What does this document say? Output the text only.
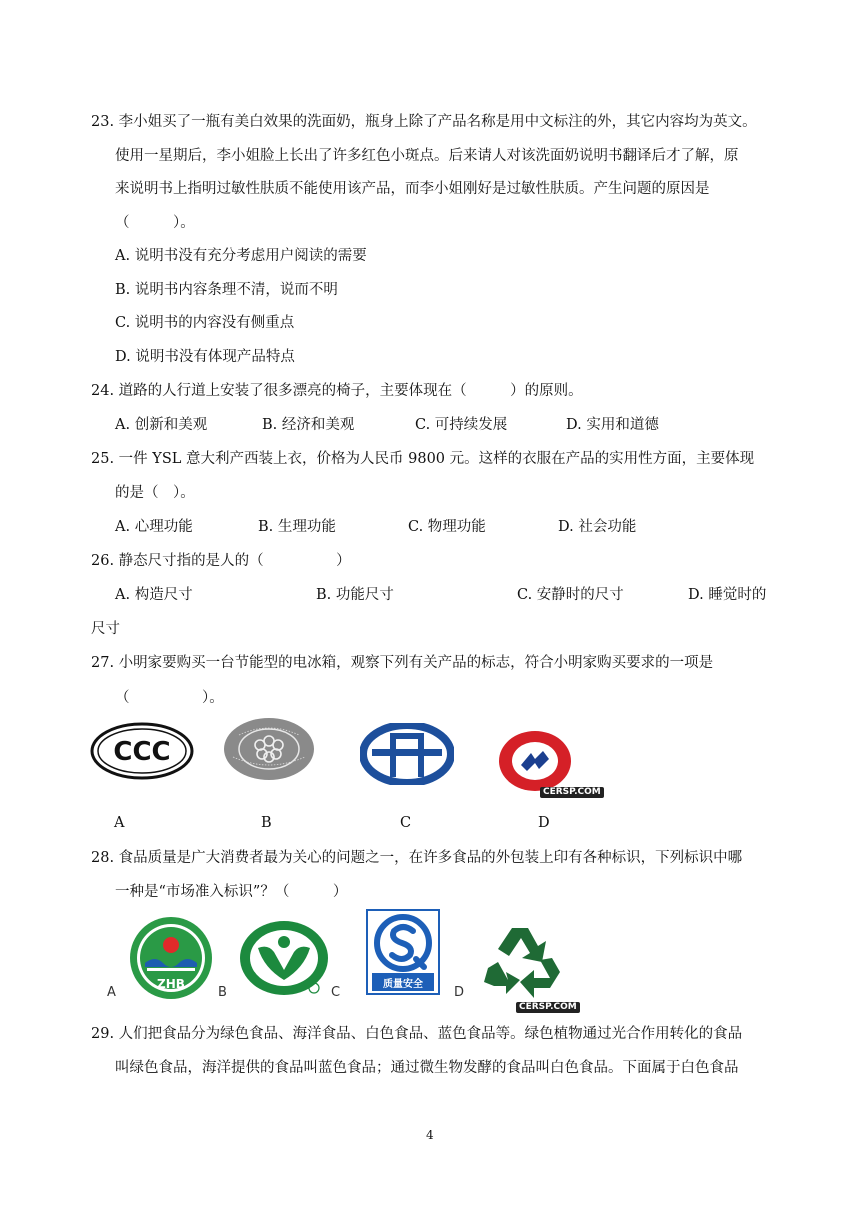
23. 李小姐买了一瓶有美白效果的洗面奶，瓶身上除了产品名称是用中文标注的外，其它内容均为英文。
使用一星期后，李小姐脸上长出了许多红色小斑点。后来请人对该洗面奶说明书翻译后才了解，原
来说明书上指明过敏性肤质不能使用该产品，而李小姐刚好是过敏性肤质。产生问题的原因是
（　　　）。
A. 说明书没有充分考虑用户阅读的需要
B. 说明书内容条理不清，说而不明
C. 说明书的内容没有侧重点
D. 说明书没有体现产品特点
24. 道路的人行道上安装了很多漂亮的椅子，主要体现在（　　　）的原则。
A. 创新和美观	B. 经济和美观	C. 可持续发展	D. 实用和道德
25. 一件 YSL 意大利产西装上衣，价格为人民币 9800 元。这样的衣服在产品的实用性方面，主要体现
的是（　）。
A. 心理功能	B. 生理功能	C. 物理功能	D. 社会功能
26. 静态尺寸指的是人的（　　　　　）
A. 构造尺寸	B. 功能尺寸	C. 安静时的尺寸	D. 睡觉时的
尺寸
27. 小明家要购买一台节能型的电冰箱，观察下列有关产品的标志，符合小明家购买要求的一项是
（　　　　　）。
CCC
CERSP.COM
A	B	C	D
28. 食品质量是广大消费者最为关心的问题之一，在许多食品的外包装上印有各种标识，下列标识中哪
一种是“市场准入标识”？（　　　）
ZHB	质量安全
CERSP.COM
A	B	C	D
29. 人们把食品分为绿色食品、海洋食品、白色食品、蓝色食品等。绿色植物通过光合作用转化的食品
叫绿色食品，海洋提供的食品叫蓝色食品；通过微生物发酵的食品叫白色食品。下面属于白色食品
4
